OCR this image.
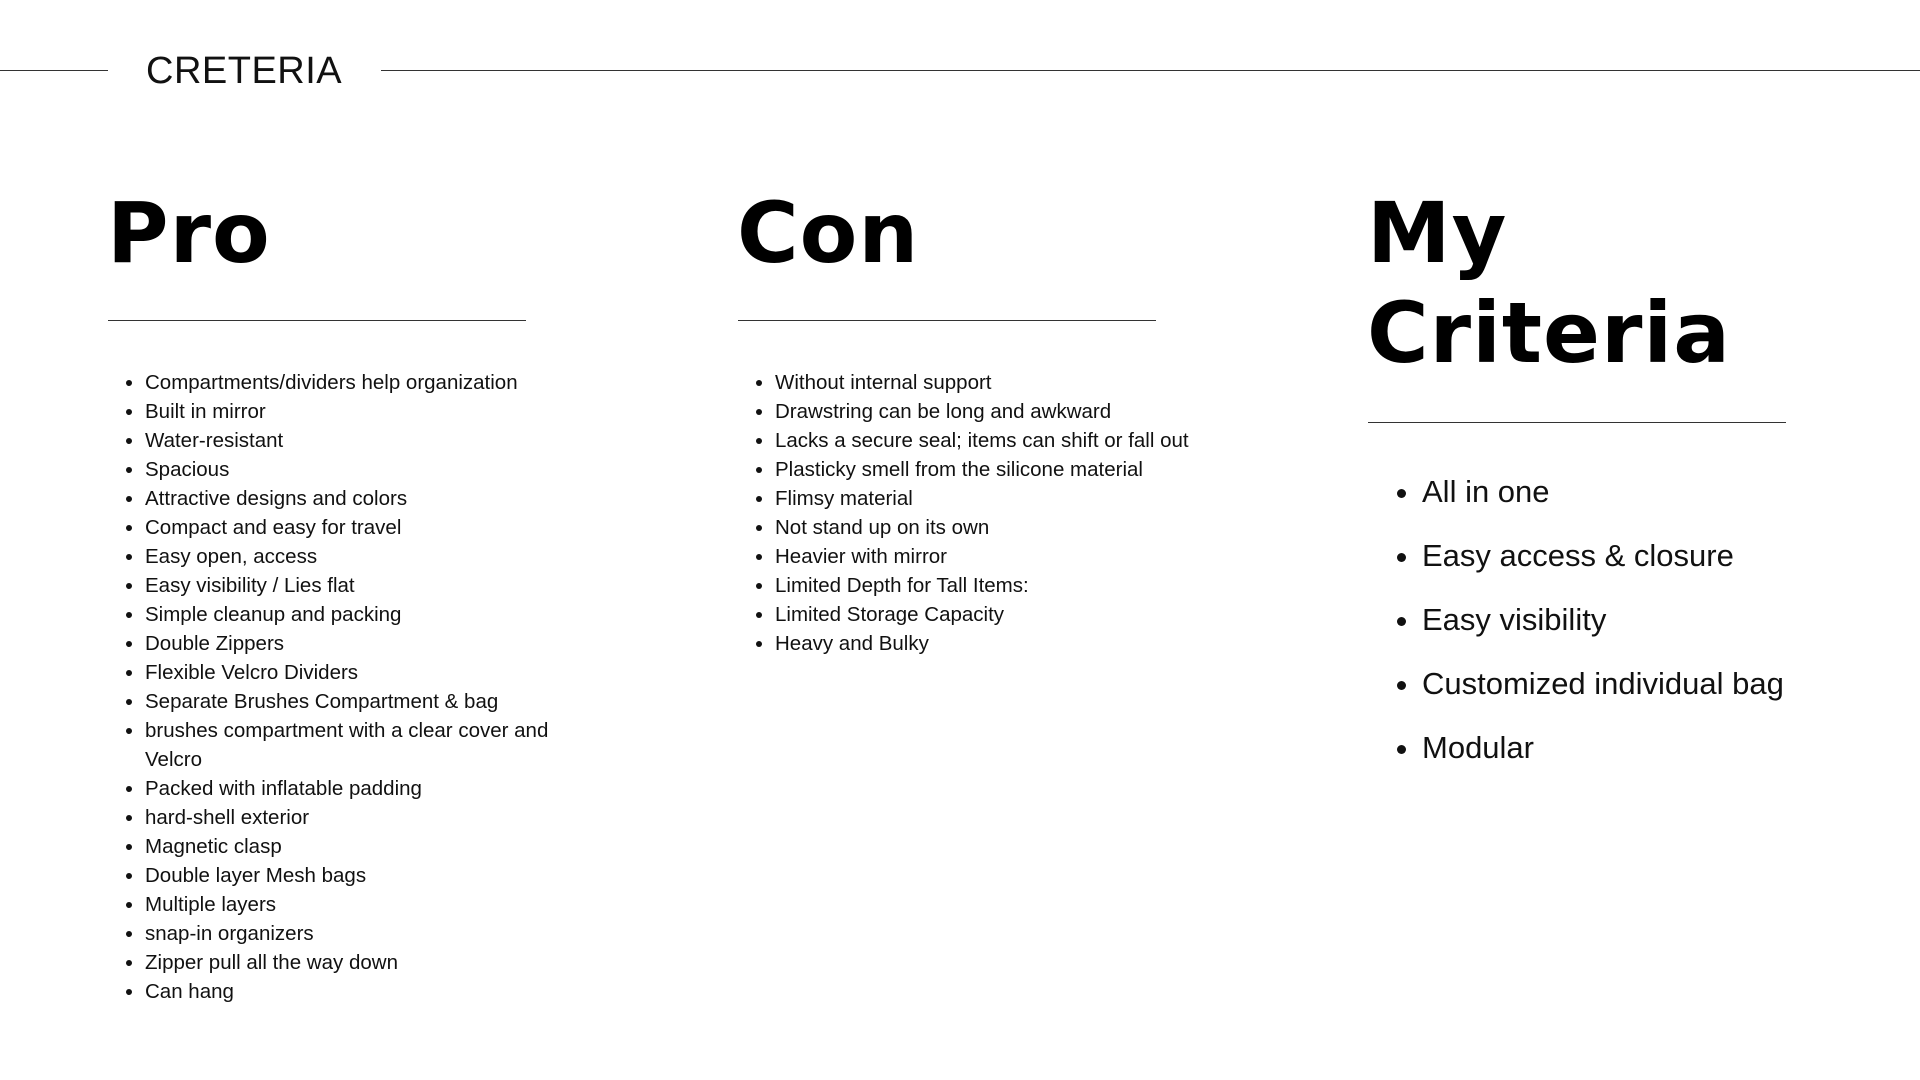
CRETERIA
Pro
• Compartments/dividers help organization
• Built in mirror
• Water-resistant
• Spacious
• Attractive designs and colors
• Compact and easy for travel
• Easy open, access
• Easy visibility / Lies flat
• Simple cleanup and packing
• Double Zippers
• Flexible Velcro Dividers
• Separate Brushes Compartment & bag
• brushes compartment with a clear cover and Velcro
• Packed with inflatable padding
• hard-shell exterior
• Magnetic clasp
• Double layer Mesh bags
• Multiple layers
• snap-in organizers
• Zipper pull all the way down
• Can hang
Con
• Without internal support
• Drawstring can be long and awkward
• Lacks a secure seal; items can shift or fall out
• Plasticky smell from the silicone material
• Flimsy material
• Not stand up on its own
• Heavier with mirror
• Limited Depth for Tall Items:
• Limited Storage Capacity
• Heavy and Bulky
My
Criteria
• All in one
• Easy access & closure
• Easy visibility
• Customized individual bag
• Modular
